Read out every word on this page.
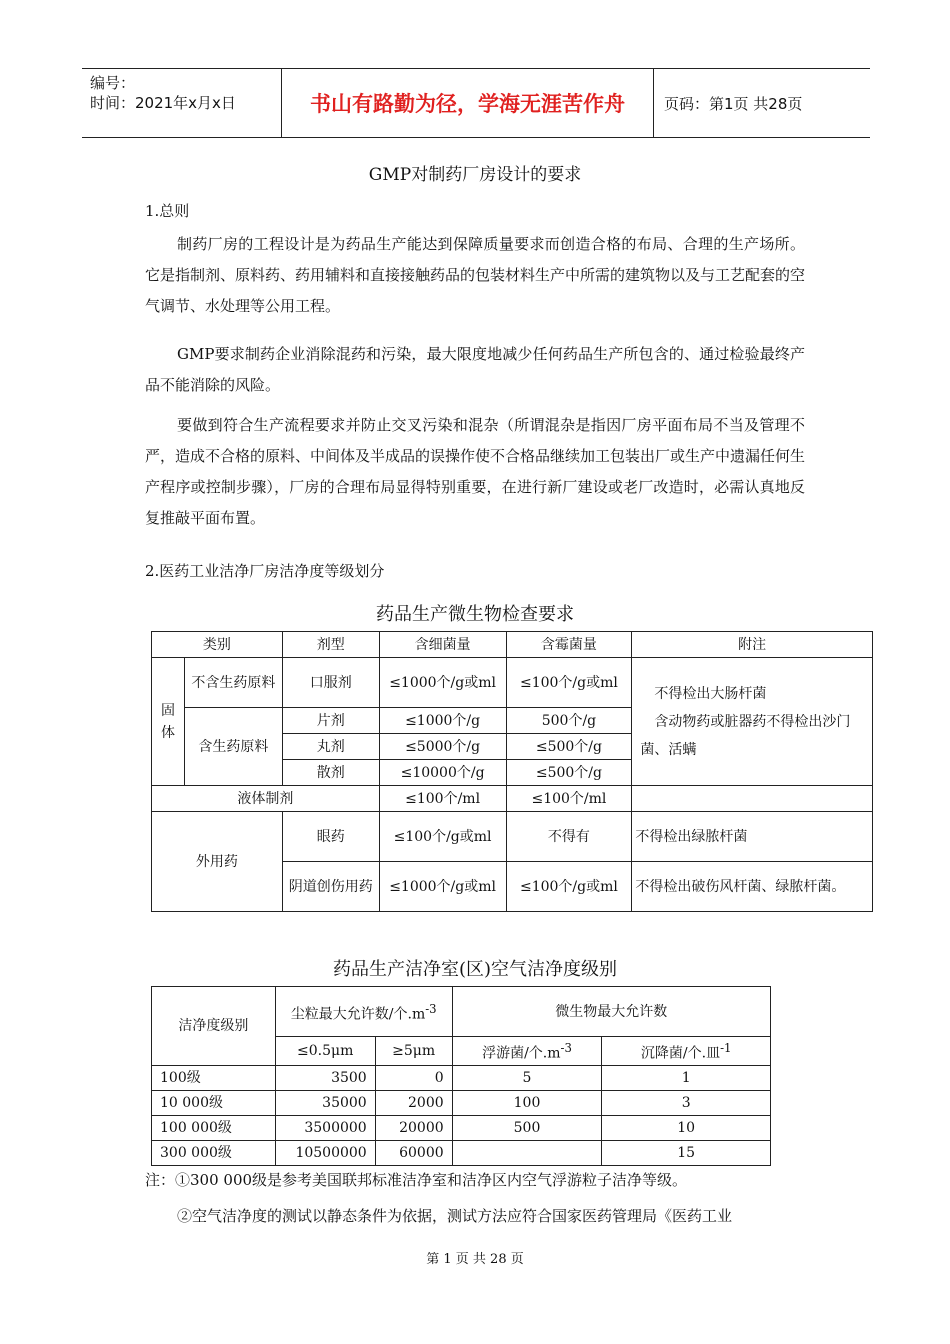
编号：
时间：2021年x月x日	书山有路勤为径，学海无涯苦作舟	页码：第1页 共28页
GMP对制药厂房设计的要求
1.总则
制药厂房的工程设计是为药品生产能达到保障质量要求而创造合格的布局、合理的生产场所。它是指制剂、原料药、药用辅料和直接接触药品的包装材料生产中所需的建筑物以及与工艺配套的空气调节、水处理等公用工程。
GMP要求制药企业消除混药和污染，最大限度地减少任何药品生产所包含的、通过检验最终产品不能消除的风险。
要做到符合生产流程要求并防止交叉污染和混杂（所谓混杂是指因厂房平面布局不当及管理不严，造成不合格的原料、中间体及半成品的误操作使不合格品继续加工包装出厂或生产中遗漏任何生产程序或控制步骤），厂房的合理布局显得特别重要，在进行新厂建设或老厂改造时，必需认真地反复推敲平面布置。
2.医药工业洁净厂房洁净度等级划分
药品生产微生物检查要求
类别		剂型	含细菌量	含霉菌量	附注
固体	不含生药原料	口服剂	≤1000个/g或ml	≤100个/g或ml	不得检出大肠杆菌
含动物药或脏器药不得检出沙门菌、活螨

	含生药原料	片剂	≤1000个/g	500个/g	
		丸剂	≤5000个/g	≤500个/g	
		散剂	≤10000个/g	≤500个/g	
液体制剂			≤100个/ml	≤100个/ml	
外用药		眼药	≤100个/g或ml	不得有	不得检出绿脓杆菌
		阴道创伤用药	≤1000个/g或ml	≤100个/g或ml	不得检出破伤风杆菌、绿脓杆菌。
药品生产洁净室(区)空气洁净度级别
洁净度级别	尘粒最大允许数/个$.m^{-3}$		微生物最大允许数	
	≤0.5μm	≥5μm	浮游菌/个$.m^{-3}$	沉降菌/个.皿$^{-1}$
100级	3500	0	5	1
10 000级	35000	2000	100	3
100 000级	3500000	20000	500	10
300 000级	10500000	60000		15
注：①300 000级是参考美国联邦标准洁净室和洁净区内空气浮游粒子洁净等级。
②空气洁净度的测试以静态条件为依据，测试方法应符合国家医药管理局《医药工业
第 1 页 共 28 页
